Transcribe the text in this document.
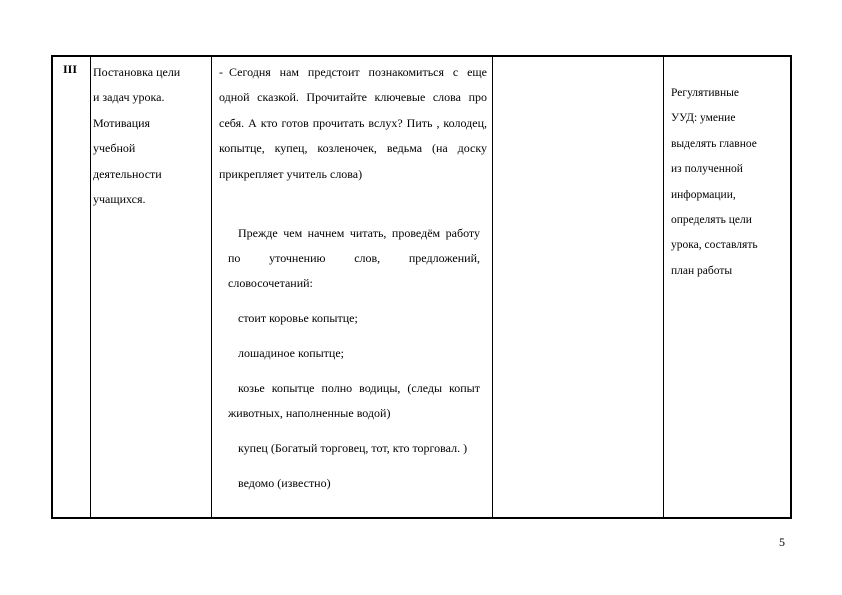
III Постановка цели
и задач урока.
Мотивация
учебной
деятельности
учащихся.
- Сегодня нам предстоит познакомиться с еще одной сказкой. Прочитайте ключевые слова про себя. А кто готов прочитать вслух? Пить , колодец, копытце, купец, козленочек, ведьма (на доску прикрепляет учитель слова)

Прежде чем начнем читать, проведём работу по уточнению слов, предложений, словосочетаний:

стоит коровье копытце;

лошадиное копытце;

козье копытце полно водицы, (следы копыт животных, наполненные водой)

купец (Богатый торговец, тот, кто торговал. )

ведомо (известно)

Регулятивные
УУД: умение
выделять главное
из полученной
информации,
определять цели
урока, составлять
план работы
5
